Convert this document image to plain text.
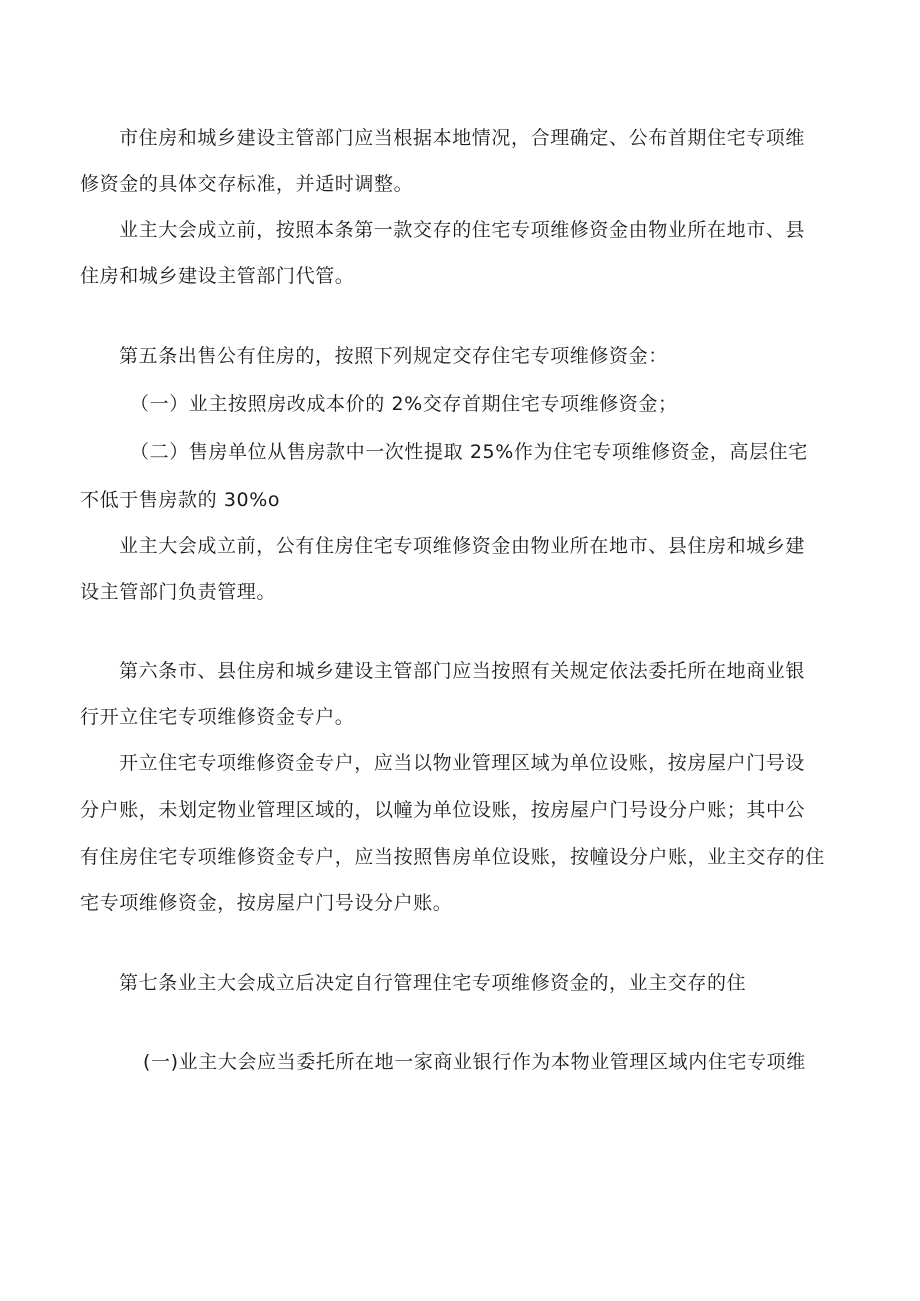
市住房和城乡建设主管部门应当根据本地情况，合理确定、公布首期住宅专项维
修资金的具体交存标准，并适时调整。
业主大会成立前，按照本条第一款交存的住宅专项维修资金由物业所在地市、县
住房和城乡建设主管部门代管。
第五条出售公有住房的，按照下列规定交存住宅专项维修资金：
（一）业主按照房改成本价的 2%交存首期住宅专项维修资金；
（二）售房单位从售房款中一次性提取 25%作为住宅专项维修资金，高层住宅
不低于售房款的 30%o
业主大会成立前，公有住房住宅专项维修资金由物业所在地市、县住房和城乡建
设主管部门负责管理。
第六条市、县住房和城乡建设主管部门应当按照有关规定依法委托所在地商业银
行开立住宅专项维修资金专户。
开立住宅专项维修资金专户，应当以物业管理区域为单位设账，按房屋户门号设
分户账，未划定物业管理区域的，以幢为单位设账，按房屋户门号设分户账；其中公
有住房住宅专项维修资金专户，应当按照售房单位设账，按幢设分户账，业主交存的住
宅专项维修资金，按房屋户门号设分户账。
第七条业主大会成立后决定自行管理住宅专项维修资金的，业主交存的住
(一)业主大会应当委托所在地一家商业银行作为本物业管理区域内住宅专项维
